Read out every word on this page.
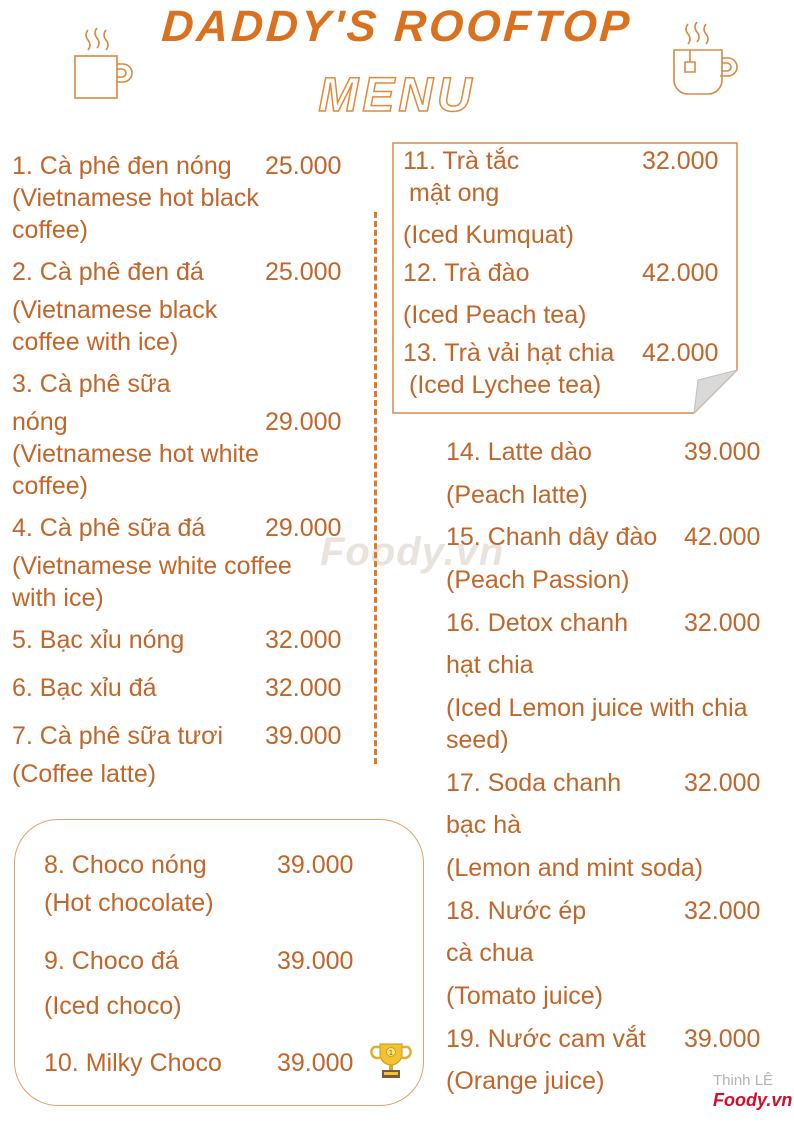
DADDY'S ROOFTOP
MENU
Foody.vn
1. Cà phê đen nóng 25.000
(Vietnamese hot black
coffee)
2. Cà phê đen đá 25.000
(Vietnamese black
coffee with ice)
3. Cà phê sữa
nóng	29.000
(Vietnamese hot white
coffee)
4. Cà phê sữa đá 29.000
(Vietnamese white coffee
with ice)
5. Bạc xỉu nóng	32.000
6. Bạc xỉu đá	32.000
7. Cà phê sữa tươi 39.000
(Coffee latte)
8. Choco nóng	39.000
(Hot chocolate)
9. Choco đá	39.000
(Iced choco)
10. Milky Choco 39.000	1
11. Trà tắc	32.000
mật ong
(Iced Kumquat)
12. Trà đào	42.000
(Iced Peach tea)
13. Trà vải hạt chia 42.000
(Iced Lychee tea)
14. Latte dào	39.000
(Peach latte)
15. Chanh dây đào 42.000
(Peach Passion)
16. Detox chanh 32.000
hạt chia
(Iced Lemon juice with chia
seed)
17. Soda chanh	32.000
bạc hà
(Lemon and mint soda)
18. Nước ép	32.000
cà chua
(Tomato juice)
19. Nước cam vắt 39.000
(Orange juice)	Thinh LÊ
Foody.vn
